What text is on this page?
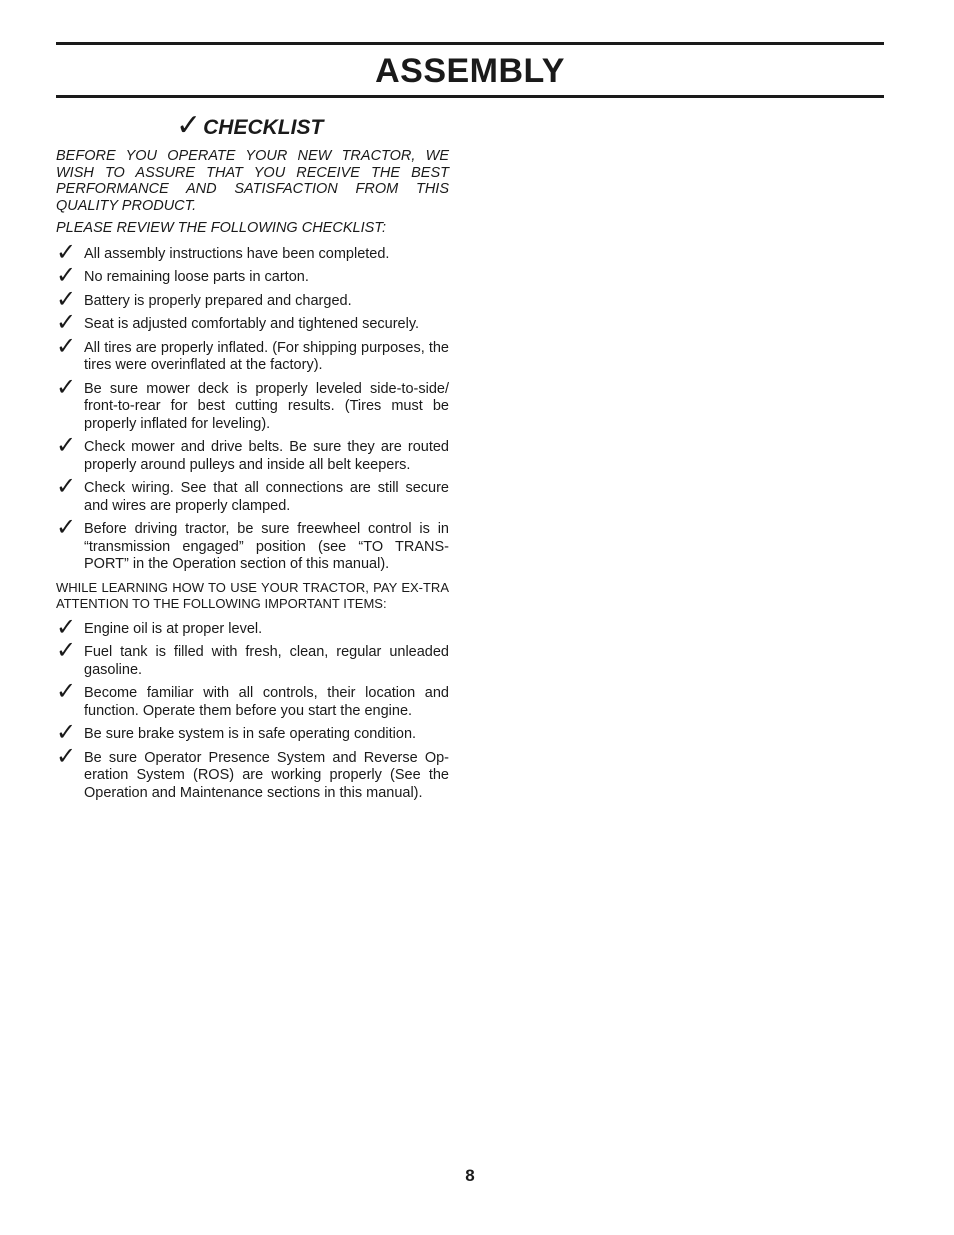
ASSEMBLY
✓CHECKLIST

BEFORE YOU OPERATE YOUR NEW TRACTOR, WE WISH TO ASSURE THAT YOU RECEIVE THE BEST PERFORMANCE AND SATISFACTION FROM THIS QUALITY PRODUCT.

PLEASE REVIEW THE FOLLOWING CHECKLIST:

✓ All assembly instructions have been completed.
✓ No remaining loose parts in carton.
✓ Battery is properly prepared and charged.
✓ Seat is adjusted comfortably and tightened securely.
✓ All tires are properly inflated. (For shipping purposes, the tires were overinflated at the factory).
✓ Be sure mower deck is properly leveled side-to-side/ front-to-rear for best cutting results. (Tires must be properly inflated for leveling).
✓ Check mower and drive belts. Be sure they are routed properly around pulleys and inside all belt keepers.
✓ Check wiring. See that all connections are still secure and wires are properly clamped.
✓ Before driving tractor, be sure freewheel control is in “transmission engaged” position (see “TO TRANS-PORT” in the Operation section of this manual).

WHILE LEARNING HOW TO USE YOUR TRACTOR, PAY EX-TRA ATTENTION TO THE FOLLOWING IMPORTANT ITEMS:

✓ Engine oil is at proper level.
✓ Fuel tank is filled with fresh, clean, regular unleaded gasoline.
✓ Become familiar with all controls, their location and function. Operate them before you start the engine.
✓ Be sure brake system is in safe operating condition.
✓ Be sure Operator Presence System and Reverse Op-eration System (ROS) are working properly (See the Operation and Maintenance sections in this manual).
8
